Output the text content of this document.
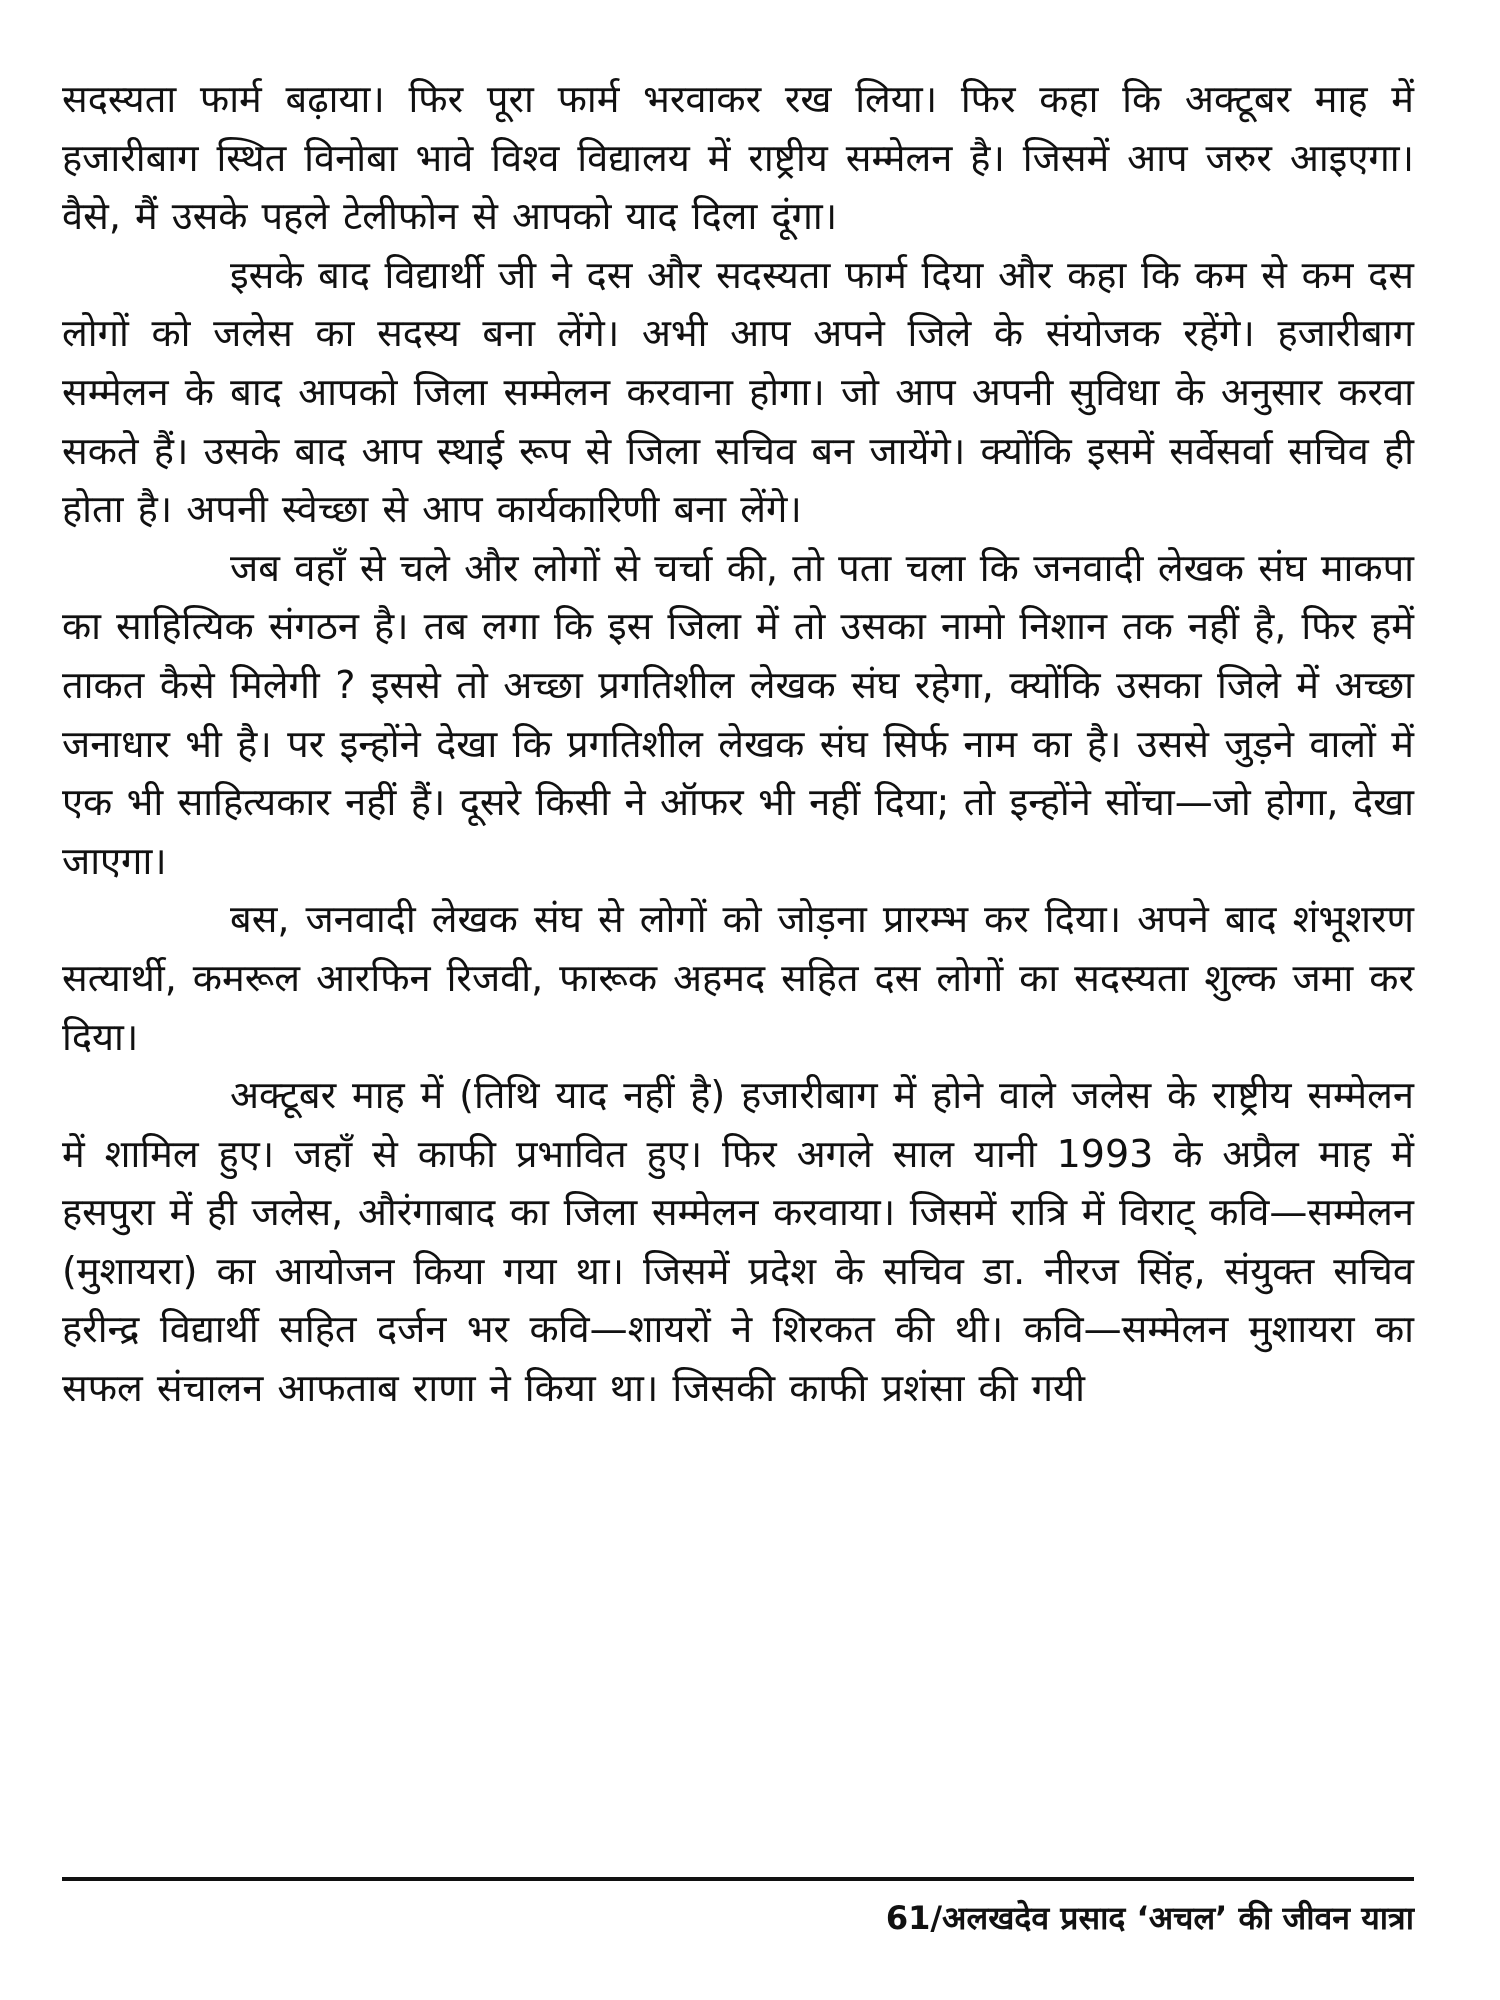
सदस्यता फार्म बढ़ाया। फिर पूरा फार्म भरवाकर रख लिया। फिर कहा कि अक्टूबर माह में हजारीबाग स्थित विनोबा भावे विश्व विद्यालय में राष्ट्रीय सम्मेलन है। जिसमें आप जरुर आइएगा। वैसे, मैं उसके पहले टेलीफोन से आपको याद दिला दूंगा।

इसके बाद विद्यार्थी जी ने दस और सदस्यता फार्म दिया और कहा कि कम से कम दस लोगों को जलेस का सदस्य बना लेंगे। अभी आप अपने जिले के संयोजक रहेंगे। हजारीबाग सम्मेलन के बाद आपको जिला सम्मेलन करवाना होगा। जो आप अपनी सुविधा के अनुसार करवा सकते हैं। उसके बाद आप स्थाई रूप से जिला सचिव बन जायेंगे। क्योंकि इसमें सर्वेसर्वा सचिव ही होता है। अपनी स्वेच्छा से आप कार्यकारिणी बना लेंगे।

जब वहाँ से चले और लोगों से चर्चा की, तो पता चला कि जनवादी लेखक संघ माकपा का साहित्यिक संगठन है। तब लगा कि इस जिला में तो उसका नामो निशान तक नहीं है, फिर हमें ताकत कैसे मिलेगी ? इससे तो अच्छा प्रगतिशील लेखक संघ रहेगा, क्योंकि उसका जिले में अच्छा जनाधार भी है। पर इन्होंने देखा कि प्रगतिशील लेखक संघ सिर्फ नाम का है। उससे जुड़ने वालों में एक भी साहित्यकार नहीं हैं। दूसरे किसी ने ऑफर भी नहीं दिया; तो इन्होंने सोंचा—जो होगा, देखा जाएगा।

बस, जनवादी लेखक संघ से लोगों को जोड़ना प्रारम्भ कर दिया। अपने बाद शंभूशरण सत्यार्थी, कमरूल आरफिन रिजवी, फारूक अहमद सहित दस लोगों का सदस्यता शुल्क जमा कर दिया।

अक्टूबर माह में (तिथि याद नहीं है) हजारीबाग में होने वाले जलेस के राष्ट्रीय सम्मेलन में शामिल हुए। जहाँ से काफी प्रभावित हुए। फिर अगले साल यानी 1993 के अप्रैल माह में हसपुरा में ही जलेस, औरंगाबाद का जिला सम्मेलन करवाया। जिसमें रात्रि में विराट् कवि—सम्मेलन (मुशायरा) का आयोजन किया गया था। जिसमें प्रदेश के सचिव डा. नीरज सिंह, संयुक्त सचिव हरीन्द्र विद्यार्थी सहित दर्जन भर कवि—शायरों ने शिरकत की थी। कवि—सम्मेलन मुशायरा का सफल संचालन आफताब राणा ने किया था। जिसकी काफी प्रशंसा की गयी

61/अलखदेव प्रसाद ‘अचल’ की जीवन यात्रा
